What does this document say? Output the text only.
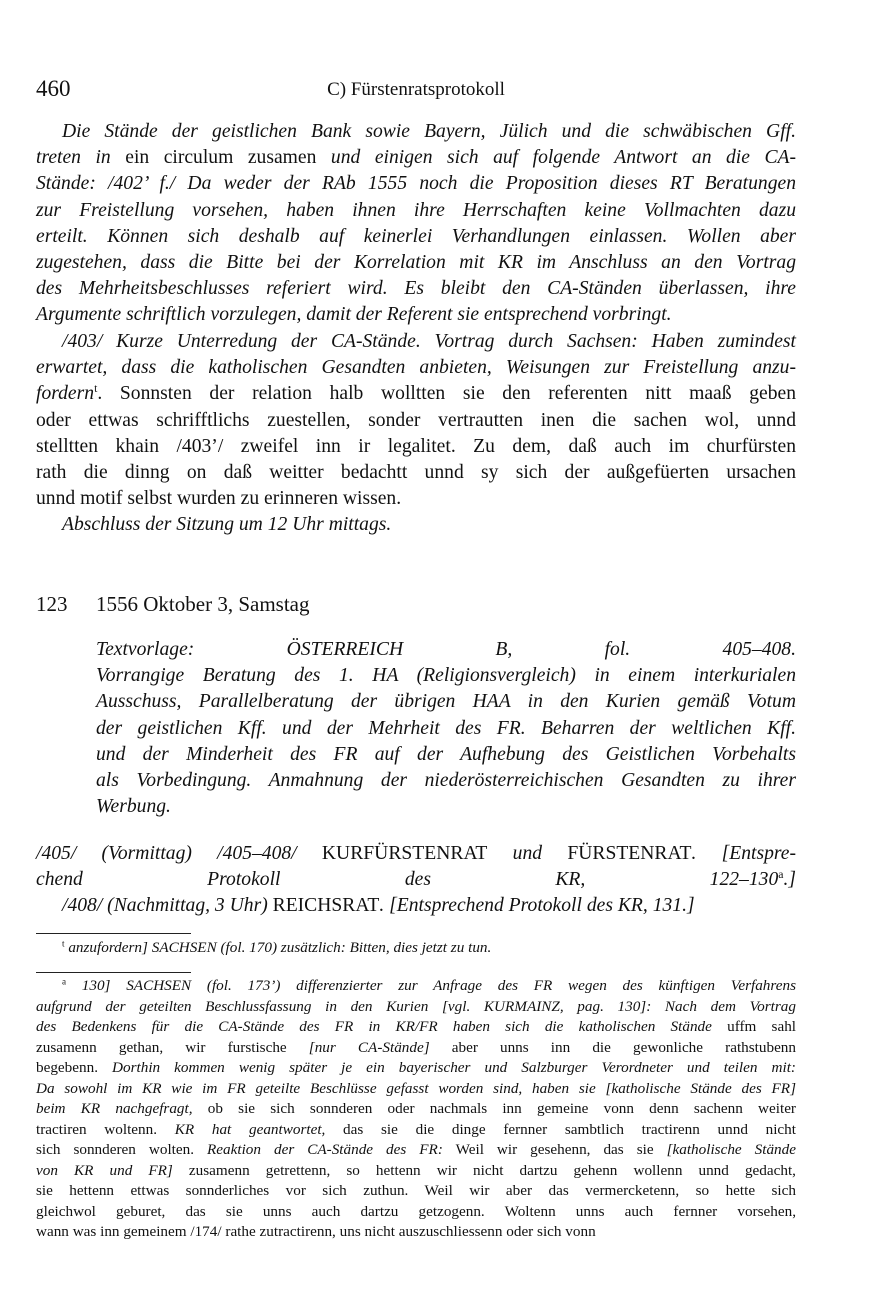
460	C) Fürstenratsprotokoll
Die Stände der geistlichen Bank sowie Bayern, Jülich und die schwäbischen Gff.
treten in ein circulum zusamen und einigen sich auf folgende Antwort an die CA-
Stände: /402’ f./ Da weder der RAb 1555 noch die Proposition dieses RT Beratungen
zur Freistellung vorsehen, haben ihnen ihre Herrschaften keine Vollmachten dazu
erteilt. Können sich deshalb auf keinerlei Verhandlungen einlassen. Wollen aber
zugestehen, dass die Bitte bei der Korrelation mit KR im Anschluss an den Vortrag
des Mehrheitsbeschlusses referiert wird. Es bleibt den CA-Ständen überlassen, ihre
Argumente schriftlich vorzulegen, damit der Referent sie entsprechend vorbringt.
/403/ Kurze Unterredung der CA-Stände. Vortrag durch Sachsen: Haben zumindest
erwartet, dass die katholischen Gesandten anbieten, Weisungen zur Freistellung anzu-
fordern$^t$. Sonnsten der relation halb wolltten sie den referenten nitt maaß geben
oder ettwas schrifftlichs zuestellen, sonder vertrautten inen die sachen wol, unnd
stelltten khain /403’/ zweifel inn ir legalitet. Zu dem, daß auch im churfürsten
rath die dinng on daß weitter bedachtt unnd sy sich der außgefüerten ursachen
unnd motif selbst wurden zu erinneren wissen.
Abschluss der Sitzung um 12 Uhr mittags.
123 1556 Oktober 3, Samstag
Textvorlage: ÖSTERREICH B, fol. 405–408.
Vorrangige Beratung des 1. HA (Religionsvergleich) in einem interkurialen
Ausschuss, Parallelberatung der übrigen HAA in den Kurien gemäß Votum
der geistlichen Kff. und der Mehrheit des FR. Beharren der weltlichen Kff.
und der Minderheit des FR auf der Aufhebung des Geistlichen Vorbehalts
als Vorbedingung. Anmahnung der niederösterreichischen Gesandten zu ihrer
Werbung.
/405/ (Vormittag) /405–408/ KURFÜRSTENRAT und FÜRSTENRAT. [Entspre-
chend Protokoll des KR, 122–130$^a$.]
/408/ (Nachmittag, 3 Uhr) REICHSRAT. [Entsprechend Protokoll des KR, 131.]
$^t$ anzufordern] SACHSEN (fol. 170) zusätzlich: Bitten, dies jetzt zu tun.
$^a$ 130] SACHSEN (fol. 173’) differenzierter zur Anfrage des FR wegen des künftigen Verfahrens
aufgrund der geteilten Beschlussfassung in den Kurien [vgl. KURMAINZ, pag. 130]: Nach dem Vortrag
des Bedenkens für die CA-Stände des FR in KR/FR haben sich die katholischen Stände uffm sahl
zusamenn gethan, wir furstische [nur CA-Stände] aber unns inn die gewonliche rathstubenn
begebenn. Dorthin kommen wenig später je ein bayerischer und Salzburger Verordneter und teilen mit:
Da sowohl im KR wie im FR geteilte Beschlüsse gefasst worden sind, haben sie [katholische Stände des FR]
beim KR nachgefragt, ob sie sich sonnderen oder nachmals inn gemeine vonn denn sachenn weiter
tractiren woltenn. KR hat geantwortet, das sie die dinge fernner sambtlich tractirenn unnd nicht
sich sonnderen wolten. Reaktion der CA-Stände des FR: Weil wir gesehenn, das sie [katholische Stände
von KR und FR] zusamenn getrettenn, so hettenn wir nicht dartzu gehenn wollenn unnd gedacht,
sie hettenn ettwas sonnderliches vor sich zuthun. Weil wir aber das vermercketenn, so hette sich
gleichwol geburet, das sie unns auch dartzu getzogenn. Woltenn unns auch fernner vorsehen,
wann was inn gemeinem /174/ rathe zutractirenn, uns nicht auszuschliessenn oder sich vonn
